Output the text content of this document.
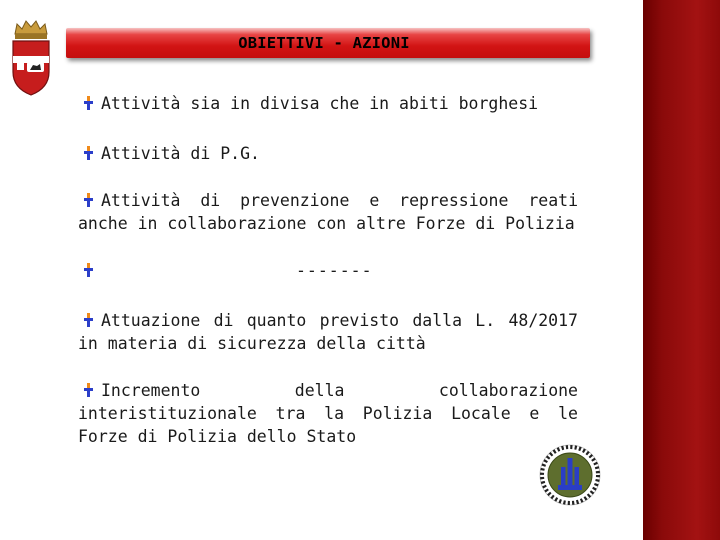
OBIETTIVI - AZIONI
Attività sia in divisa che in abiti borghesi
Attività di P.G.
Attività di prevenzione e repressione reati anche in collaborazione con altre Forze di Polizia
-------
Attuazione di quanto previsto dalla L. 48/2017 in materia di sicurezza della città
Incremento della collaborazione interistituzionale tra la Polizia Locale e le Forze di Polizia dello Stato
